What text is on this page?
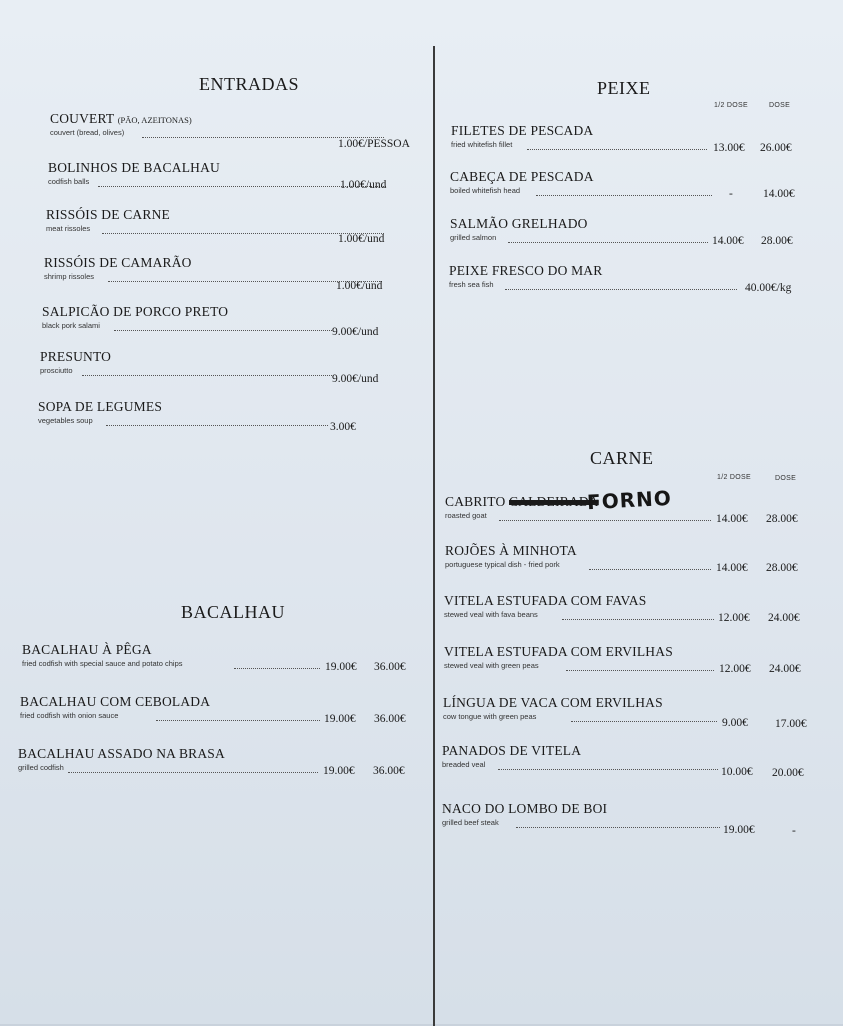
ENTRADAS
COUVERT (PÃO, AZEITONAS)
couvert (bread, olives)
1.00€/PESSOA
BOLINHOS DE BACALHAU
codfish balls	1.00€/und
RISSÓIS DE CARNE
meat rissoles
1.00€/und
RISSÓIS DE CAMARÃO
shrimp rissoles
1.00€/und
SALPICÃO DE PORCO PRETO
black pork salami
9.00€/und
PRESUNTO
prosciutto
9.00€/und
SOPA DE LEGUMES
vegetables soup
3.00€
BACALHAU
BACALHAU À PÊGA
fried codfish with special sauce and potato chips	19.00€ 36.00€
BACALHAU COM CEBOLADA
fried codfish with onion sauce	19.00€ 36.00€
BACALHAU ASSADO NA BRASA
grilled codfish	19.00€ 36.00€
PEIXE
1/2 DOSE	DOSE
FILETES DE PESCADA
fried whitefish fillet	13.00€ 26.00€
CABEÇA DE PESCADA
boiled whitefish head	-	14.00€
SALMÃO GRELHADO
grilled salmon	14.00€ 28.00€
PEIXE FRESCO DO MAR
fresh sea fish	40.00€/kg
CARNE
1/2 DOSE	DOSE
CABRITO CALDEIRADA
FORNO
roasted goat	14.00€ 28.00€
ROJÕES À MINHOTA
portuguese typical dish - fried pork	14.00€ 28.00€
VITELA ESTUFADA COM FAVAS
stewed veal with fava beans	12.00€ 24.00€
VITELA ESTUFADA COM ERVILHAS
stewed veal with green peas	12.00€ 24.00€
LÍNGUA DE VACA COM ERVILHAS
cow tongue with green peas
9.00€ 17.00€
PANADOS DE VITELA
breaded veal
10.00€ 20.00€
NACO DO LOMBO DE BOI
grilled beef steak
19.00€	-
